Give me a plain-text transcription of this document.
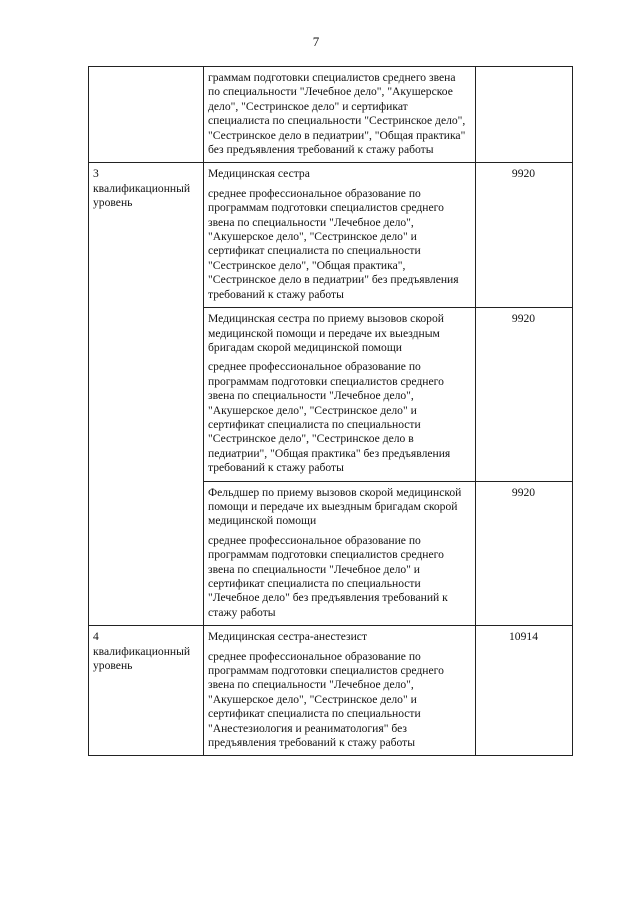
7

	граммам подготовки специалистов среднего звена по специальности "Лечебное дело", "Акушерское дело", "Сестринское дело" и сертификат специалиста по специальности "Сестринское дело", "Сестринское дело в педиатрии", "Общая практика" без предъявления требований к стажу работы	

3 квалификационный уровень	Медицинская сестра

среднее профессиональное образование по программам подготовки специалистов среднего звена по специальности "Лечебное дело", "Акушерское дело", "Сестринское дело" и сертификат специалиста по специальности "Сестринское дело", "Общая практика", "Сестринское дело в педиатрии" без предъявления требований к стажу работы	9920

	Медицинская сестра по приему вызовов скорой медицинской помощи и передаче их выездным бригадам скорой медицинской помощи

среднее профессиональное образование по программам подготовки специалистов среднего звена по специальности "Лечебное дело", "Акушерское дело", "Сестринское дело" и сертификат специалиста по специальности "Сестринское дело", "Сестринское дело в педиатрии", "Общая практика" без предъявления требований к стажу работы	9920

	Фельдшер по приему вызовов скорой медицинской помощи и передаче их выездным бригадам скорой медицинской помощи

среднее профессиональное образование по программам подготовки специалистов среднего звена по специальности "Лечебное дело" и сертификат специалиста по специальности "Лечебное дело" без предъявления требований к стажу работы	9920
4 квалификационный уровень	Медицинская сестра-анестезист

среднее профессиональное образование по программам подготовки специалистов среднего звена по специальности "Лечебное дело", "Акушерское дело", "Сестринское дело" и сертификат специалиста по специальности "Анестезиология и реаниматология" без предъявления требований к стажу работы	10914
